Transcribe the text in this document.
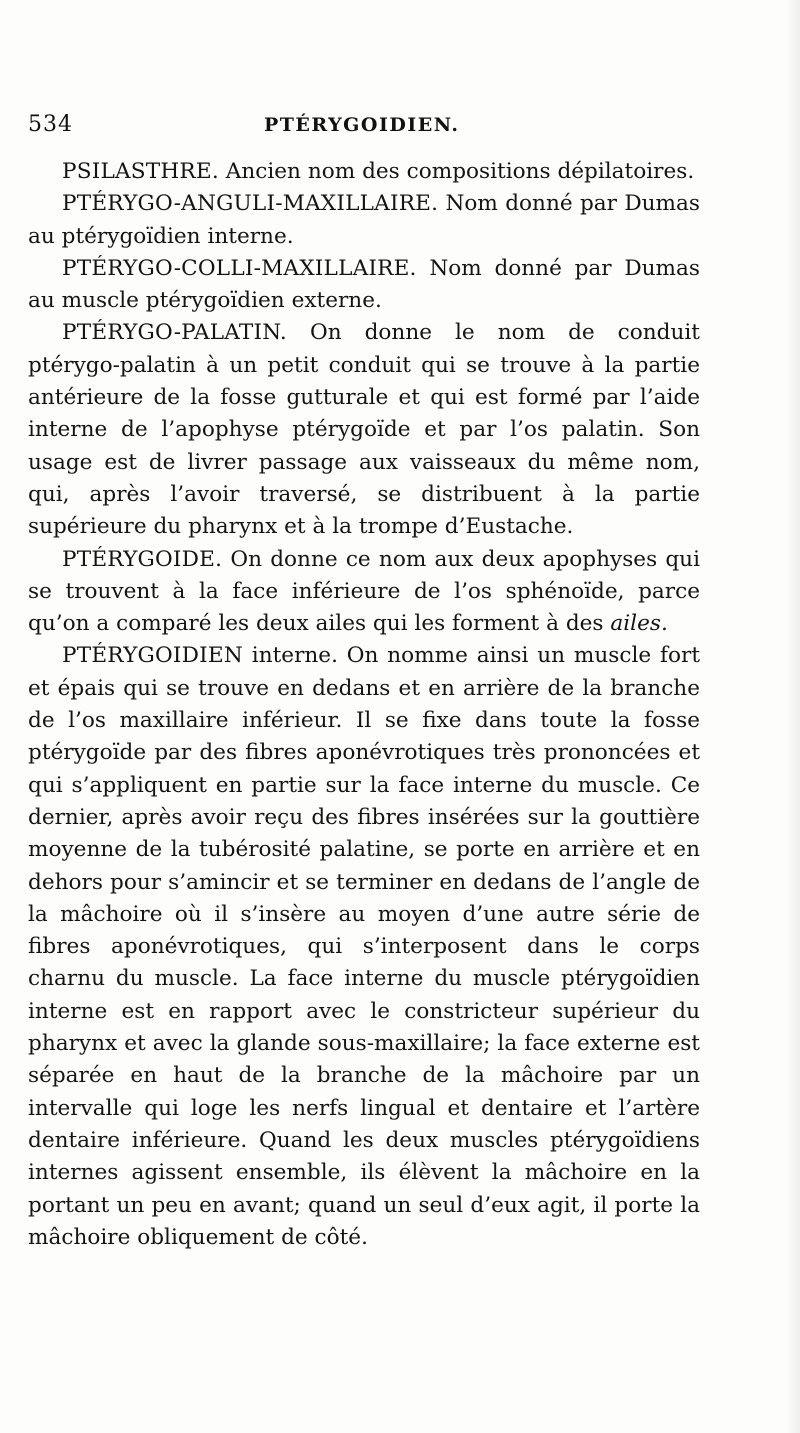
534	PTÉRYGOIDIEN.

PSILASTHRE. Ancien nom des compositions dépilatoires.

PTÉRYGO-ANGULI-MAXILLAIRE. Nom donné par Dumas au ptérygoïdien interne.

PTÉRYGO-COLLI-MAXILLAIRE. Nom donné par Dumas au muscle ptérygoïdien externe.

PTÉRYGO-PALATIN. On donne le nom de conduit ptérygo-palatin à un petit conduit qui se trouve à la partie antérieure de la fosse gutturale et qui est formé par l’aide interne de l’apophyse ptérygoïde et par l’os palatin. Son usage est de livrer passage aux vaisseaux du même nom, qui, après l’avoir traversé, se distribuent à la partie supérieure du pharynx et à la trompe d’Eustache.

PTÉRYGOIDE. On donne ce nom aux deux apophyses qui se trouvent à la face inférieure de l’os sphénoïde, parce qu’on a comparé les deux ailes qui les forment à des ailes.

PTÉRYGOIDIEN interne. On nomme ainsi un muscle fort et épais qui se trouve en dedans et en arrière de la branche de l’os maxillaire inférieur. Il se fixe dans toute la fosse ptérygoïde par des fibres aponévrotiques très prononcées et qui s’appliquent en partie sur la face interne du muscle. Ce dernier, après avoir reçu des fibres insérées sur la gouttière moyenne de la tubérosité palatine, se porte en arrière et en dehors pour s’amincir et se terminer en dedans de l’angle de la mâchoire où il s’insère au moyen d’une autre série de fibres aponévrotiques, qui s’interposent dans le corps charnu du muscle. La face interne du muscle ptérygoïdien interne est en rapport avec le constricteur supérieur du pharynx et avec la glande sous-maxillaire; la face externe est séparée en haut de la branche de la mâchoire par un intervalle qui loge les nerfs lingual et dentaire et l’artère dentaire inférieure. Quand les deux muscles ptérygoïdiens internes agissent ensemble, ils élèvent la mâchoire en la portant un peu en avant; quand un seul d’eux agit, il porte la mâchoire obliquement de côté.
